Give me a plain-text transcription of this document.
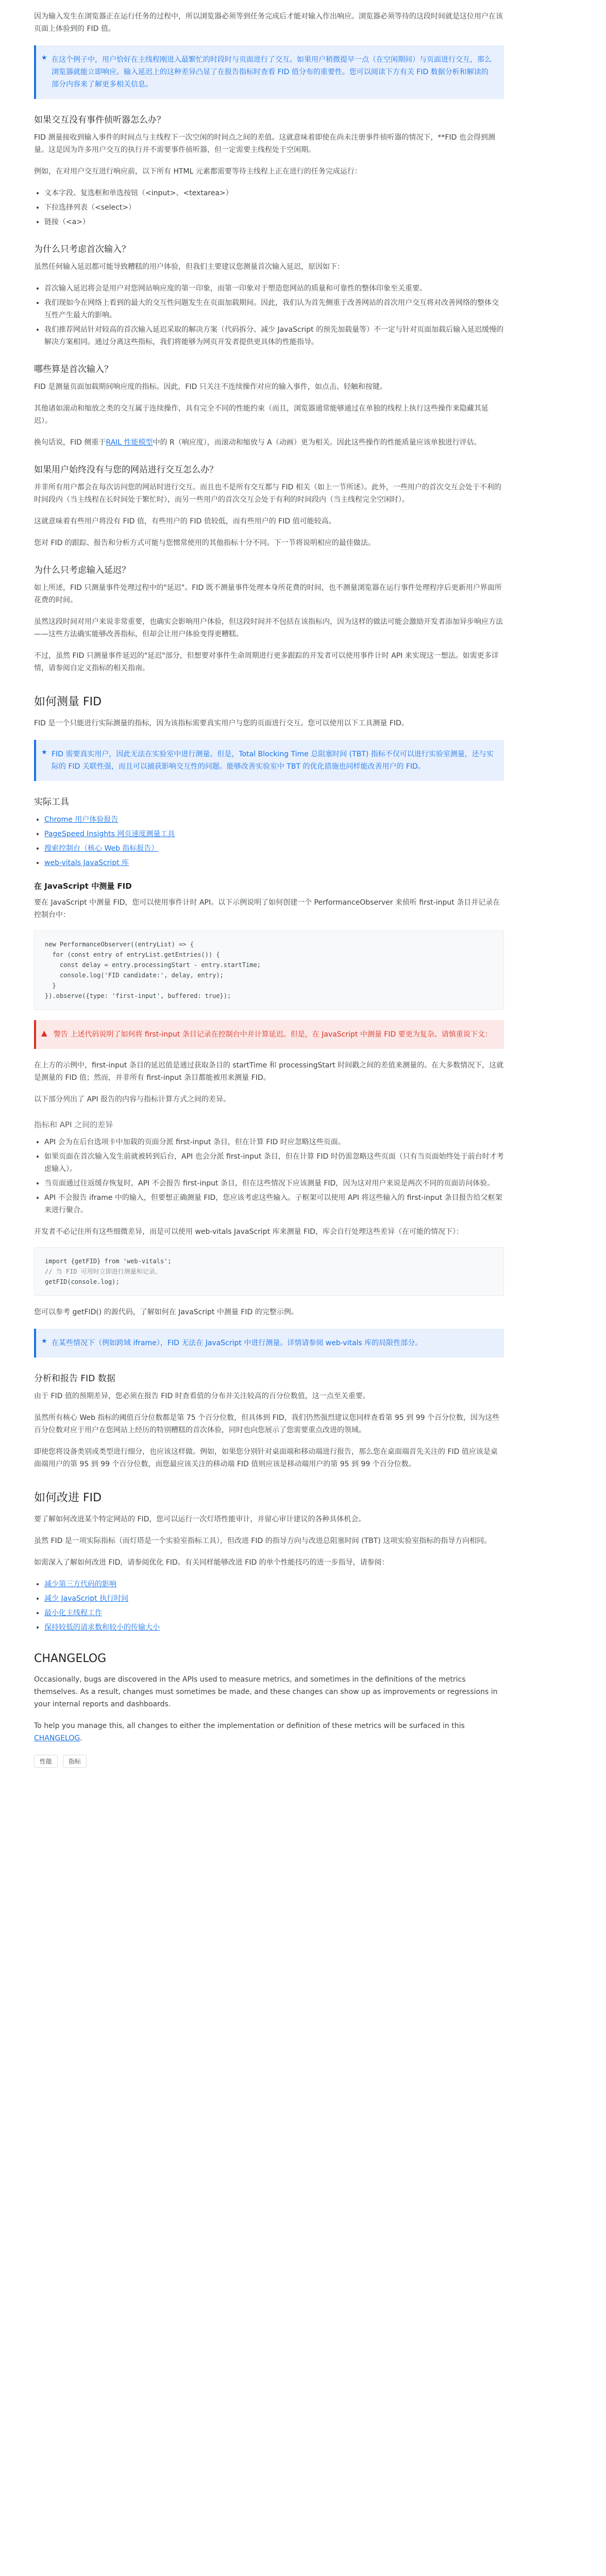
因为输入发生在浏览器正在运行任务的过程中，所以浏览器必须等到任务完成后才能对输入作出响应。浏览器必须等待的这段时间就是这位用户在该页面上体验到的 FID 值。

★ 在这个例子中，用户恰好在主线程刚进入最繁忙的时段时与页面进行了交互。如果用户稍微提早一点（在空闲期间）与页面进行交互，那么浏览器就能立即响应。输入延迟上的这种差异凸显了在报告指标时查看 FID 值分布的重要性。您可以阅读下方有关 FID 数据分析和解读的部分内容来了解更多相关信息。

如果交互没有事件侦听器怎么办？

FID 测量接收到输入事件的时间点与主线程下一次空闲的时间点之间的差值。这就意味着即使在尚未注册事件侦听器的情况下，**FID 也会得到测量。这是因为许多用户交互的执行并不需要事件侦听器，但一定需要主线程处于空闲期。

例如，在对用户交互进行响应前，以下所有 HTML 元素都需要等待主线程上正在进行的任务完成运行：

• 文本字段、复选框和单选按钮（<input>、<textarea>）
• 下拉选择列表（<select>）
• 链接（<a>）
为什么只考虑首次输入？

虽然任何输入延迟都可能导致糟糕的用户体验，但我们主要建议您测量首次输入延迟，原因如下：

• 首次输入延迟将会是用户对您网站响应度的第一印象，而第一印象对于塑造您网站的质量和可靠性的整体印象至关重要。
• 我们现如今在网络上看到的最大的交互性问题发生在页面加载期间。因此，我们认为首先侧重于改善网站的首次用户交互将对改善网络的整体交互性产生最大的影响。
• 我们推荐网站针对较高的首次输入延迟采取的解决方案（代码拆分、减少 JavaScript 的预先加载量等）不一定与针对页面加载后输入延迟缓慢的解决方案相同。通过分离这些指标，我们将能够为网页开发者提供更具体的性能指导。
哪些算是首次输入？

FID 是测量页面加载期间响应度的指标。因此，FID 只关注不连续操作对应的输入事件，如点击、轻触和按键。

其他诸如滚动和缩放之类的交互属于连续操作，具有完全不同的性能约束（而且，浏览器通常能够通过在单独的线程上执行这些操作来隐藏其延迟）。

换句话说，FID 侧重于RAIL 性能模型中的 R（响应度），而滚动和缩放与 A（动画）更为相关。因此这些操作的性能质量应该单独进行评估。

如果用户始终没有与您的网站进行交互怎么办？

并非所有用户都会在每次访问您的网站时进行交互。而且也不是所有交互都与 FID 相关（如上一节所述）。此外，一些用户的首次交互会处于不利的时间段内（当主线程在长时间处于繁忙时），而另一些用户的首次交互会处于有利的时间段内（当主线程完全空闲时）。

这就意味着有些用户将没有 FID 值，有些用户的 FID 值较低，而有些用户的 FID 值可能较高。

您对 FID 的跟踪、报告和分析方式可能与您惯常使用的其他指标十分不同。下一节将说明相应的最佳做法。

为什么只考虑输入延迟？

如上所述，FID 只测量事件处理过程中的"延迟"。FID 既不测量事件处理本身所花费的时间，也不测量浏览器在运行事件处理程序后更新用户界面所花费的时间。

虽然这段时间对用户来说非常重要，也确实会影响用户体验，但这段时间并不包括在该指标内，因为这样的做法可能会激励开发者添加异步响应方法——这些方法确实能够改善指标，但却会让用户体验变得更糟糕。

不过，虽然 FID 只测量事件延迟的"延迟"部分，但想要对事件生命周期进行更多跟踪的开发者可以使用事件计时 API 来实现这一想法。如需更多详情，请参阅自定义指标的相关指南。

如何测量 FID

FID 是一个只能进行实际测量的指标，因为该指标需要真实用户与您的页面进行交互。您可以使用以下工具测量 FID。

★ FID 需要真实用户，因此无法在实验室中进行测量。但是，Total Blocking Time 总阻塞时间 (TBT) 指标不仅可以进行实验室测量，还与实际的 FID 关联性强，而且可以捕获影响交互性的问题。能够改善实验室中 TBT 的优化措施也同样能改善用户的 FID。

实际工具
• Chrome 用户体验报告
• PageSpeed Insights 网页速度测量工具
• 搜索控制台（核心 Web 指标报告）
• web-vitals JavaScript 库
在 JavaScript 中测量 FID

要在 JavaScript 中测量 FID，您可以使用事件计时 API。以下示例说明了如何创建一个 PerformanceObserver 来侦听 first-input 条目并记录在控制台中：

new PerformanceObserver((entryList) => {
for (const entry of entryList.getEntries()) {
const delay = entry.processingStart - entry.startTime;
console.log('FID candidate:', delay, entry);
}
}).observe({type: 'first-input', buffered: true});
▲ 警告 上述代码说明了如何将 first-input 条目记录在控制台中并计算延迟。但是，在 JavaScript 中测量 FID 要更为复杂。请慎重说下文：

在上方的示例中，first-input 条目的延迟值是通过获取条目的 startTime 和 processingStart 时间戳之间的差值来测量的。在大多数情况下，这就是测量的 FID 值；然而，并非所有 first-input 条目都能被用来测量 FID。

以下部分列出了 API 报告的内容与指标计算方式之间的差异。

指标和 API 之间的差异
• API 会为在后台选项卡中加载的页面分派 first-input 条目，但在计算 FID 时应忽略这些页面。
• 如果页面在首次输入发生前就被转到后台，API 也会分派 first-input 条目，但在计算 FID 时仍需忽略这些页面（只有当页面始终处于前台时才考虑输入）。
• 当页面通过往返缓存恢复时，API 不会报告 first-input 条目，但在这些情况下应该测量 FID，因为这对用户来说是两次不同的页面访问体验。
• API 不会报告 iframe 中的输入，但要想正确测量 FID，您应该考虑这些输入。子框架可以使用 API 将这些输入的 first-input 条目报告给父框架来进行聚合。

开发者不必记住所有这些细微差异，而是可以使用 web-vitals JavaScript 库来测量 FID，库会自行处理这些差异（在可能的情况下）：

import {getFID} from 'web-vitals';
// 当 FID 可用时立即进行测量和记录。
getFID(console.log);

您可以参考 getFID() 的源代码，了解如何在 JavaScript 中测量 FID 的完整示例。

★ 在某些情况下（例如跨域 iframe），FID 无法在 JavaScript 中进行测量。详情请参阅 web-vitals 库的局限性部分。

分析和报告 FID 数据

由于 FID 值的预期差异，您必须在报告 FID 时查看值的分布并关注较高的百分位数值，这一点至关重要。

虽然所有核心 Web 指标的阈值百分位数都是第 75 个百分位数，但具体到 FID，我们仍然强烈建议您同样查看第 95 到 99 个百分位数，因为这些百分位数对应于用户在您网站上经历的特别糟糕的首次体验，同时也向您展示了您需要重点改进的领域。

即使您将设备类别或类型进行细分，也应该这样做。例如，如果您分别针对桌面端和移动端进行报告，那么您在桌面端首先关注的 FID 值应该是桌面端用户的第 95 到 99 个百分位数，而您最应该关注的移动端 FID 值则应该是移动端用户的第 95 到 99 个百分位数。

如何改进 FID

要了解如何改进某个特定网站的 FID，您可以运行一次灯塔性能审计，并留心审计建议的各种具体机会。

虽然 FID 是一项实际指标（而灯塔是一个实验室指标工具），但改进 FID 的指导方向与改进总阻塞时间 (TBT) 这项实验室指标的指导方向相同。

如需深入了解如何改进 FID，请参阅优化 FID。有关同样能够改进 FID 的单个性能技巧的进一步指导，请参阅：

• 减少第三方代码的影响
• 减少 JavaScript 执行时间
• 最小化主线程工作
• 保持较低的请求数和较小的传输大小
CHANGELOG

Occasionally, bugs are discovered in the APIs used to measure metrics, and sometimes in the definitions of the metrics themselves. As a result, changes must sometimes be made, and these changes can show up as improvements or regressions in your internal reports and dashboards.

To help you manage this, all changes to either the implementation or definition of these metrics will be surfaced in this CHANGELOG.

性能	指标
